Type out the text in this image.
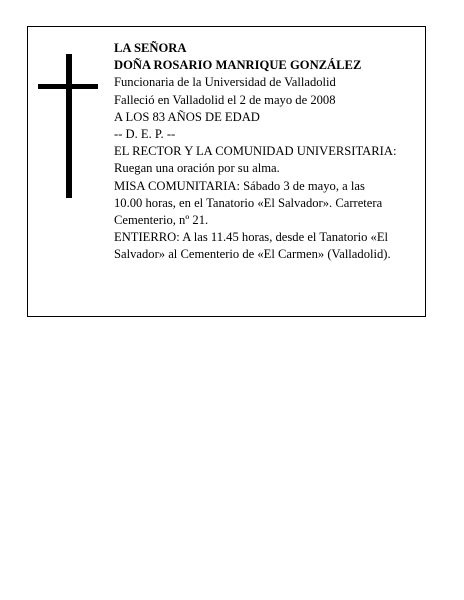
LA SEÑORA
DOÑA ROSARIO MANRIQUE GONZÁLEZ
Funcionaria de la Universidad de Valladolid
Falleció en Valladolid el 2 de mayo de 2008
A LOS 83 AÑOS DE EDAD
-- D. E. P. --
EL RECTOR Y LA COMUNIDAD UNIVERSITARIA:
Ruegan una oración por su alma.
MISA COMUNITARIA: Sábado 3 de mayo, a las
10.00 horas, en el Tanatorio «El Salvador». Carretera
Cementerio, nº 21.
ENTIERRO: A las 11.45 horas, desde el Tanatorio «El
Salvador» al Cementerio de «El Carmen» (Valladolid).
